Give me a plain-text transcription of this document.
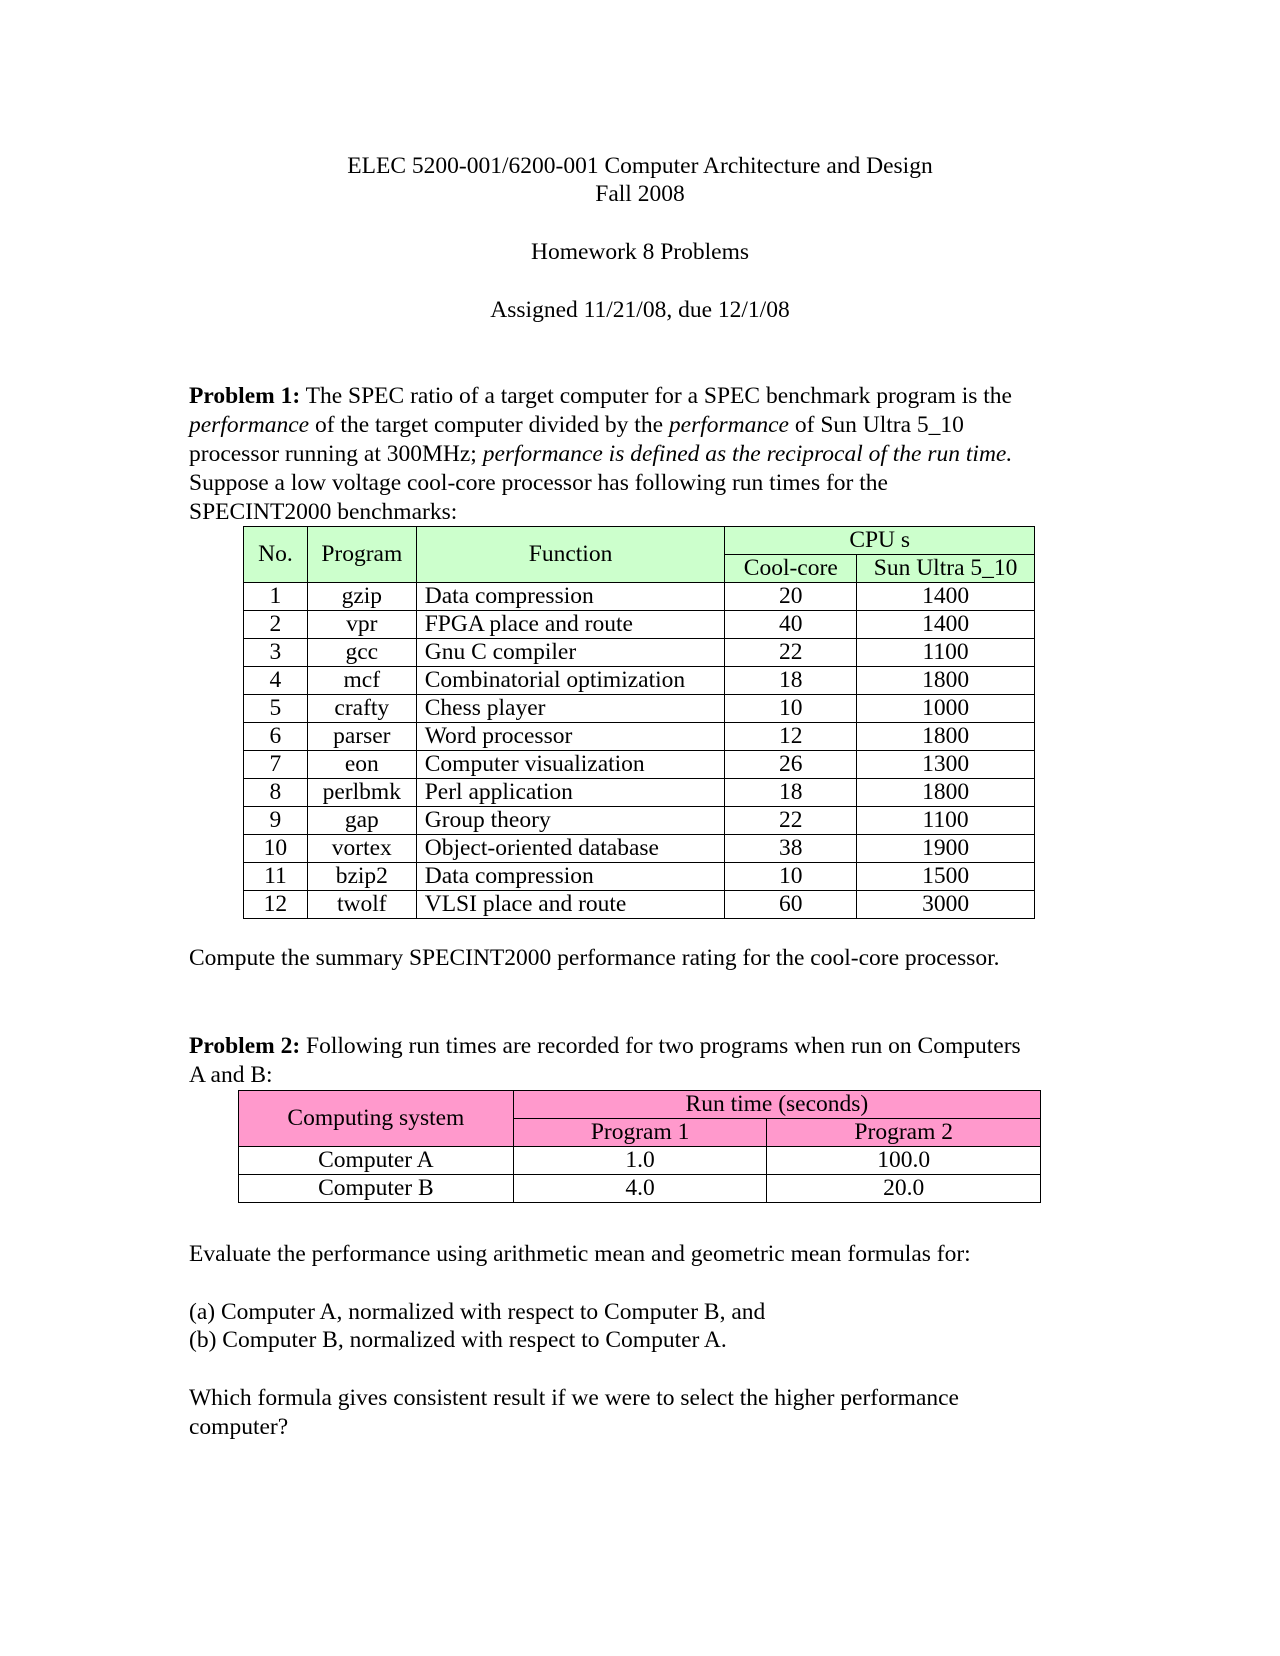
ELEC 5200-001/6200-001 Computer Architecture and Design
Fall 2008
Homework 8 Problems
Assigned 11/21/08, due 12/1/08
Problem 1: The SPEC ratio of a target computer for a SPEC benchmark program is the
performance of the target computer divided by the performance of Sun Ultra 5_10
processor running at 300MHz; performance is defined as the reciprocal of the run time.
Suppose a low voltage cool-core processor has following run times for the
SPECINT2000 benchmarks:
No.	Program	Function	CPU s	
			Cool-core	Sun Ultra 5_10
1	gzip	Data compression	20	1400
2	vpr	FPGA place and route	40	1400
3	gcc	Gnu C compiler	22	1100
4	mcf	Combinatorial optimization	18	1800
5	crafty	Chess player	10	1000
6	parser	Word processor	12	1800
7	eon	Computer visualization	26	1300
8	perlbmk	Perl application	18	1800
9	gap	Group theory	22	1100
10	vortex	Object-oriented database	38	1900
11	bzip2	Data compression	10	1500
12	twolf	VLSI place and route	60	3000
Compute the summary SPECINT2000 performance rating for the cool-core processor.
Problem 2: Following run times are recorded for two programs when run on Computers
A and B:
Computing system	Run time (seconds)	
	Program 1	Program 2
Computer A	1.0	100.0
Computer B	4.0	20.0
Evaluate the performance using arithmetic mean and geometric mean formulas for:
(a) Computer A, normalized with respect to Computer B, and
(b) Computer B, normalized with respect to Computer A.
Which formula gives consistent result if we were to select the higher performance
computer?
